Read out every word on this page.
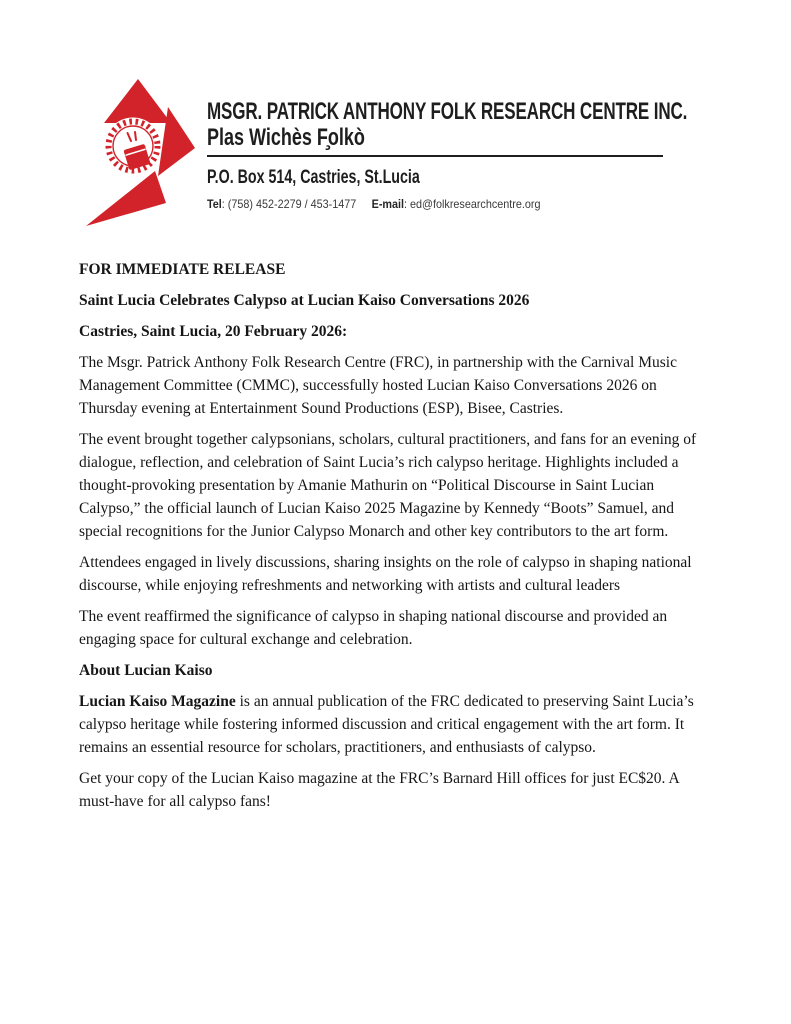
MSGR. PATRICK ANTHONY FOLK RESEARCH CENTRE INC.
Plas Wichès F̧olkò
P.O. Box 514, Castries, St.Lucia
Tel: (758) 452-2279 / 453-1477 E-mail: ed@folkresearchcentre.org

FOR IMMEDIATE RELEASE

Saint Lucia Celebrates Calypso at Lucian Kaiso Conversations 2026

Castries, Saint Lucia, 20 February 2026:

The Msgr. Patrick Anthony Folk Research Centre (FRC), in partnership with the Carnival Music Management Committee (CMMC), successfully hosted Lucian Kaiso Conversations 2026 on Thursday evening at Entertainment Sound Productions (ESP), Bisee, Castries.

The event brought together calypsonians, scholars, cultural practitioners, and fans for an evening of dialogue, reflection, and celebration of Saint Lucia’s rich calypso heritage. Highlights included a thought-provoking presentation by Amanie Mathurin on “Political Discourse in Saint Lucian Calypso,” the official launch of Lucian Kaiso 2025 Magazine by Kennedy “Boots” Samuel, and special recognitions for the Junior Calypso Monarch and other key contributors to the art form.

Attendees engaged in lively discussions, sharing insights on the role of calypso in shaping national discourse, while enjoying refreshments and networking with artists and cultural leaders

The event reaffirmed the significance of calypso in shaping national discourse and provided an engaging space for cultural exchange and celebration.

About Lucian Kaiso

Lucian Kaiso Magazine is an annual publication of the FRC dedicated to preserving Saint Lucia’s calypso heritage while fostering informed discussion and critical engagement with the art form. It remains an essential resource for scholars, practitioners, and enthusiasts of calypso.

Get your copy of the Lucian Kaiso magazine at the FRC’s Barnard Hill offices for just EC$20. A must-have for all calypso fans!
